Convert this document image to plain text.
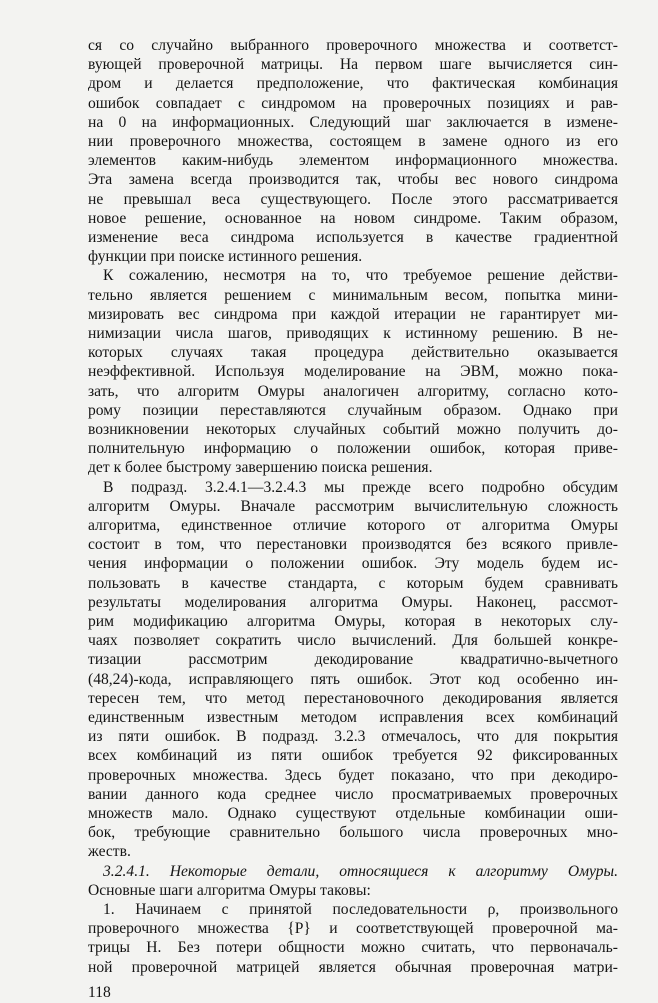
ся со случайно выбранного проверочного множества и соответст-
вующей проверочной матрицы. На первом шаге вычисляется син-
дром и делается предположение, что фактическая комбинация
ошибок совпадает с синдромом на проверочных позициях и рав-
на 0 на информационных. Следующий шаг заключается в измене-
нии проверочного множества, состоящем в замене одного из его
элементов каким-нибудь элементом информационного множества.
Эта замена всегда производится так, чтобы вес нового синдрома
не превышал веса существующего. После этого рассматривается
новое решение, основанное на новом синдроме. Таким образом,
изменение веса синдрома используется в качестве градиентной
функции при поиске истинного решения.
К сожалению, несмотря на то, что требуемое решение действи-
тельно является решением с минимальным весом, попытка мини-
мизировать вес синдрома при каждой итерации не гарантирует ми-
нимизации числа шагов, приводящих к истинному решению. В не-
которых случаях такая процедура действительно оказывается
неэффективной. Используя моделирование на ЭВМ, можно пока-
зать, что алгоритм Омуры аналогичен алгоритму, согласно кото-
рому позиции переставляются случайным образом. Однако при
возникновении некоторых случайных событий можно получить до-
полнительную информацию о положении ошибок, которая приве-
дет к более быстрому завершению поиска решения.
В подразд. 3.2.4.1—3.2.4.3 мы прежде всего подробно обсудим
алгоритм Омуры. Вначале рассмотрим вычислительную сложность
алгоритма, единственное отличие которого от алгоритма Омуры
состоит в том, что перестановки производятся без всякого привле-
чения информации о положении ошибок. Эту модель будем ис-
пользовать в качестве стандарта, с которым будем сравнивать
результаты моделирования алгоритма Омуры. Наконец, рассмот-
рим модификацию алгоритма Омуры, которая в некоторых слу-
чаях позволяет сократить число вычислений. Для большей конкре-
тизации рассмотрим декодирование квадратично-вычетного
(48,24)-кода, исправляющего пять ошибок. Этот код особенно ин-
тересен тем, что метод перестановочного декодирования является
единственным известным методом исправления всех комбинаций
из пяти ошибок. В подразд. 3.2.3 отмечалось, что для покрытия
всех комбинаций из пяти ошибок требуется 92 фиксированных
проверочных множества. Здесь будет показано, что при декодиро-
вании данного кода среднее число просматриваемых проверочных
множеств мало. Однако существуют отдельные комбинации оши-
бок, требующие сравнительно большого числа проверочных мно-
жеств.
3.2.4.1. Некоторые детали, относящиеся к алгоритму Омуры.
Основные шаги алгоритма Омуры таковы:
1. Начинаем с принятой последовательности ρ, произвольного
проверочного множества {P} и соответствующей проверочной ма-
трицы H. Без потери общности можно считать, что первоначаль-
ной проверочной матрицей является обычная проверочная матри-
118
